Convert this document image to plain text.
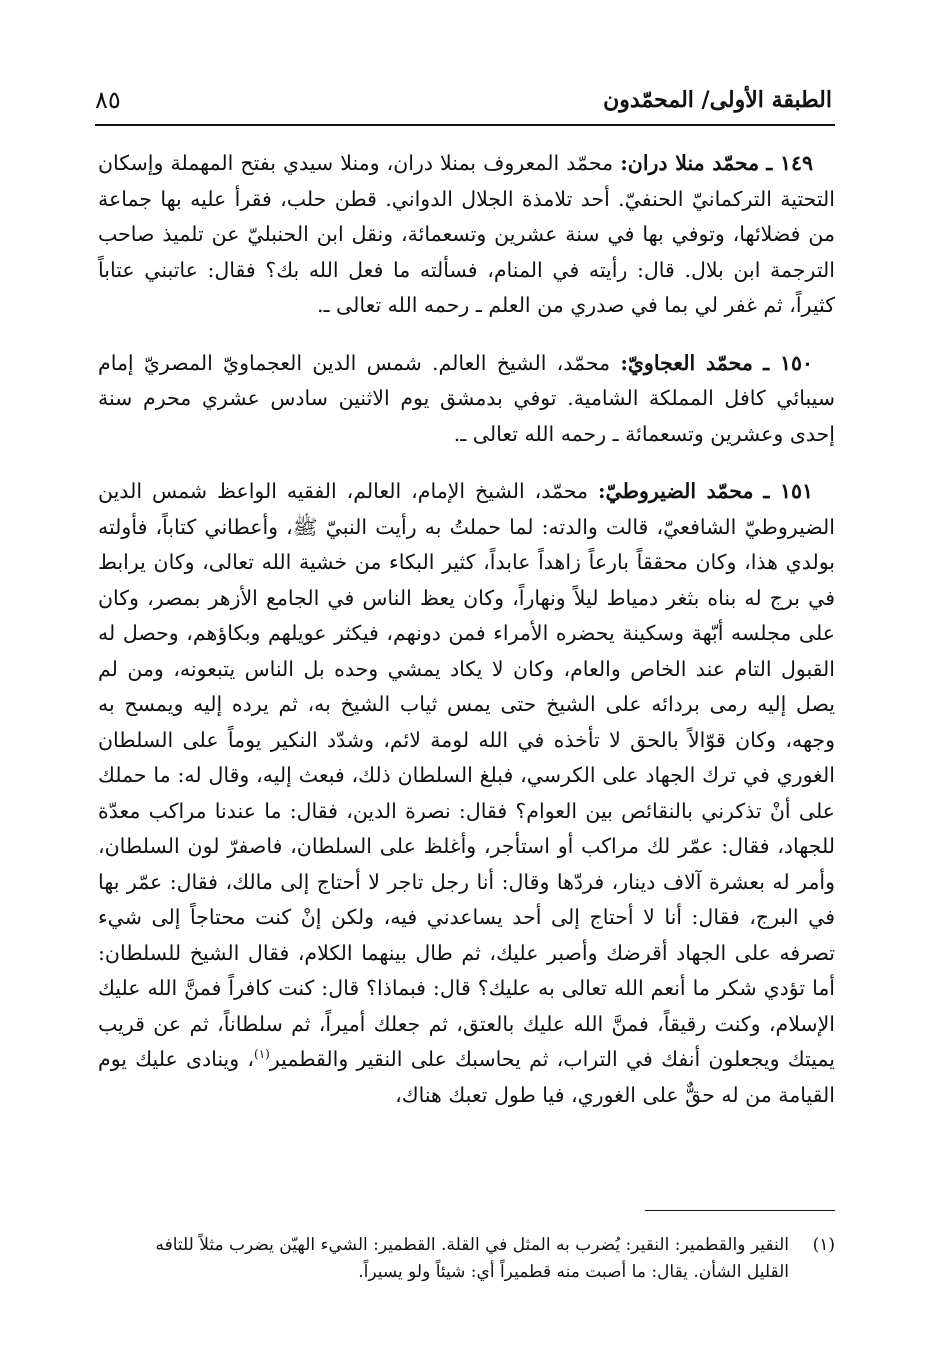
الطبقة الأولى/ المحمّدون
٨٥

١٤٩ ـ محمّد منلا دران: محمّد المعروف بمنلا دران، ومنلا سيدي بفتح المهملة وإسكان التحتية التركمانيّ الحنفيّ. أحد تلامذة الجلال الدواني. قطن حلب، فقرأ عليه بها جماعة من فضلائها، وتوفي بها في سنة عشرين وتسعمائة، ونقل ابن الحنبليّ عن تلميذ صاحب الترجمة ابن بلال. قال: رأيته في المنام، فسألته ما فعل الله بك؟ فقال: عاتبني عتاباً كثيراً، ثم غفر لي بما في صدري من العلم ـ رحمه الله تعالى ـ.

١٥٠ ـ محمّد العجاويّ: محمّد، الشيخ العالم. شمس الدين العجماويّ المصريّ إمام سيبائي كافل المملكة الشامية. توفي بدمشق يوم الاثنين سادس عشري محرم سنة إحدى وعشرين وتسعمائة ـ رحمه الله تعالى ـ.

١٥١ ـ محمّد الضيروطيّ: محمّد، الشيخ الإمام، العالم، الفقيه الواعظ شمس الدين الضيروطيّ الشافعيّ، قالت والدته: لما حملتُ به رأيت النبيّ ﷺ، وأعطاني كتاباً، فأولته بولدي هذا، وكان محققاً بارعاً زاهداً عابداً، كثير البكاء من خشية الله تعالى، وكان يرابط في برج له بناه بثغر دمياط ليلاً ونهاراً، وكان يعظ الناس في الجامع الأزهر بمصر، وكان على مجلسه أبّهة وسكينة يحضره الأمراء فمن دونهم، فيكثر عويلهم وبكاؤهم، وحصل له القبول التام عند الخاص والعام، وكان لا يكاد يمشي وحده بل الناس يتبعونه، ومن لم يصل إليه رمى بردائه على الشيخ حتى يمس ثياب الشيخ به، ثم يرده إليه ويمسح به وجهه، وكان قوّالاً بالحق لا تأخذه في الله لومة لائم، وشدّد النكير يوماً على السلطان الغوري في ترك الجهاد على الكرسي، فبلغ السلطان ذلك، فبعث إليه، وقال له: ما حملك على أنْ تذكرني بالنقائص بين العوام؟ فقال: نصرة الدين، فقال: ما عندنا مراكب معدّة للجهاد، فقال: عمّر لك مراكب أو استأجر، وأغلظ على السلطان، فاصفرّ لون السلطان، وأمر له بعشرة آلاف دينار، فردّها وقال: أنا رجل تاجر لا أحتاج إلى مالك، فقال: عمّر بها في البرج، فقال: أنا لا أحتاج إلى أحد يساعدني فيه، ولكن إنْ كنت محتاجاً إلى شيء تصرفه على الجهاد أقرضك وأصبر عليك، ثم طال بينهما الكلام، فقال الشيخ للسلطان: أما تؤدي شكر ما أنعم الله تعالى به عليك؟ قال: فبماذا؟ قال: كنت كافراً فمنَّ الله عليك الإسلام، وكنت رقيقاً، فمنَّ الله عليك بالعتق، ثم جعلك أميراً، ثم سلطاناً، ثم عن قريب يميتك ويجعلون أنفك في التراب، ثم يحاسبك على النقير والقطمير$^{(١)}$، وينادى عليك يوم القيامة من له حقٌّ على الغوري، فيا طول تعبك هناك،

(١)
النقير والقطمير: النقير: يُضرب به المثل في القلة. القطمير: الشيء الهيّن يضرب مثلاً للتافه القليل الشأن. يقال: ما أصبت منه قطميراً أي: شيئاً ولو يسيراً.
